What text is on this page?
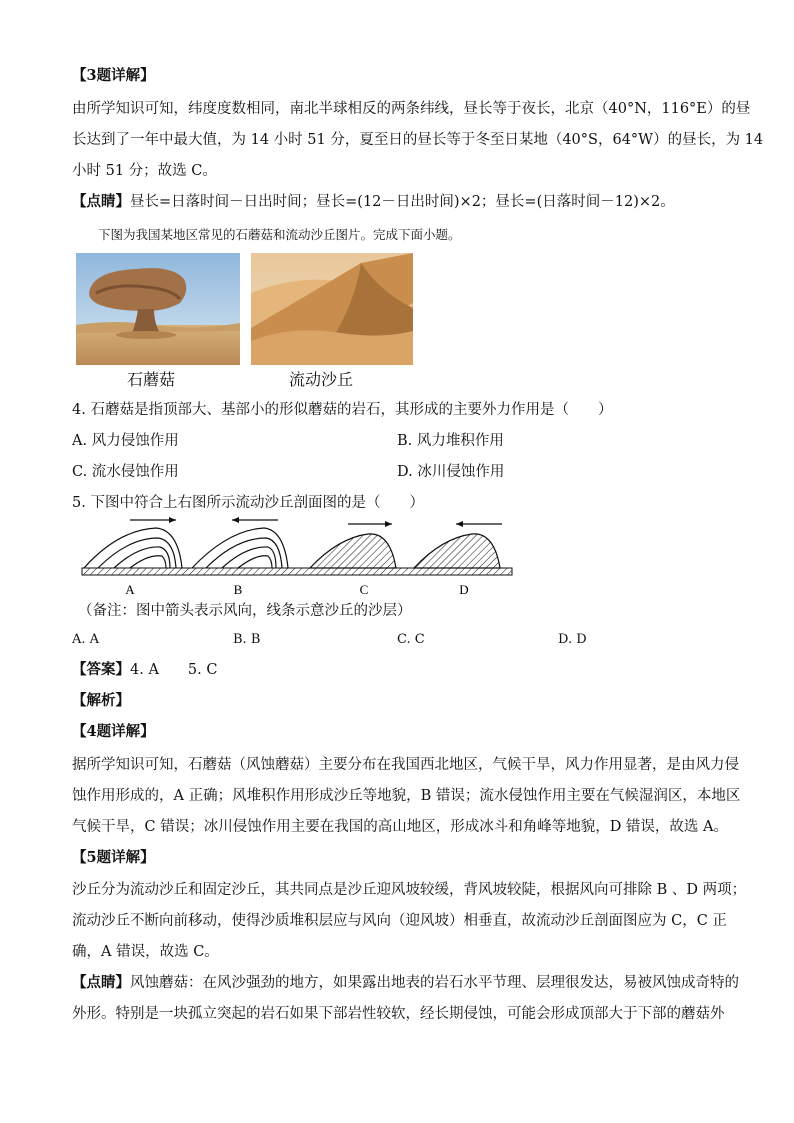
【3题详解】
由所学知识可知，纬度度数相同，南北半球相反的两条纬线，昼长等于夜长，北京（40°N，116°E）的昼
长达到了一年中最大值，为 14 小时 51 分，夏至日的昼长等于冬至日某地（40°S，64°W）的昼长，为 14
小时 51 分；故选 C。
【点睛】昼长=日落时间－日出时间；昼长=(12－日出时间)×2；昼长=(日落时间－12)×2。
下图为我国某地区常见的石蘑菇和流动沙丘图片。完成下面小题。
石蘑菇	流动沙丘
4. 石蘑菇是指顶部大、基部小的形似蘑菇的岩石，其形成的主要外力作用是（　　）
A. 风力侵蚀作用	B. 风力堆积作用
C. 流水侵蚀作用	D. 冰川侵蚀作用
5. 下图中符合上右图所示流动沙丘剖面图的是（　　）
A	B	C	D
（备注：图中箭头表示风向，线条示意沙丘的沙层）
A. A	B. B	C. C	D. D
【答案】4. A　　5. C
【解析】
【4题详解】
据所学知识可知，石蘑菇（风蚀蘑菇）主要分布在我国西北地区，气候干旱，风力作用显著，是由风力侵
蚀作用形成的，A 正确；风堆积作用形成沙丘等地貌，B 错误；流水侵蚀作用主要在气候湿润区，本地区
气候干旱，C 错误；冰川侵蚀作用主要在我国的高山地区，形成冰斗和角峰等地貌，D 错误，故选 A。
【5题详解】
沙丘分为流动沙丘和固定沙丘，其共同点是沙丘迎风坡较缓，背风坡较陡，根据风向可排除 B 、D 两项；
流动沙丘不断向前移动，使得沙质堆积层应与风向（迎风坡）相垂直，故流动沙丘剖面图应为 C，C 正
确，A 错误，故选 C。
【点睛】风蚀蘑菇：在风沙强劲的地方，如果露出地表的岩石水平节理、层理很发达，易被风蚀成奇特的
外形。特别是一块孤立突起的岩石如果下部岩性较软，经长期侵蚀，可能会形成顶部大于下部的蘑菇外
